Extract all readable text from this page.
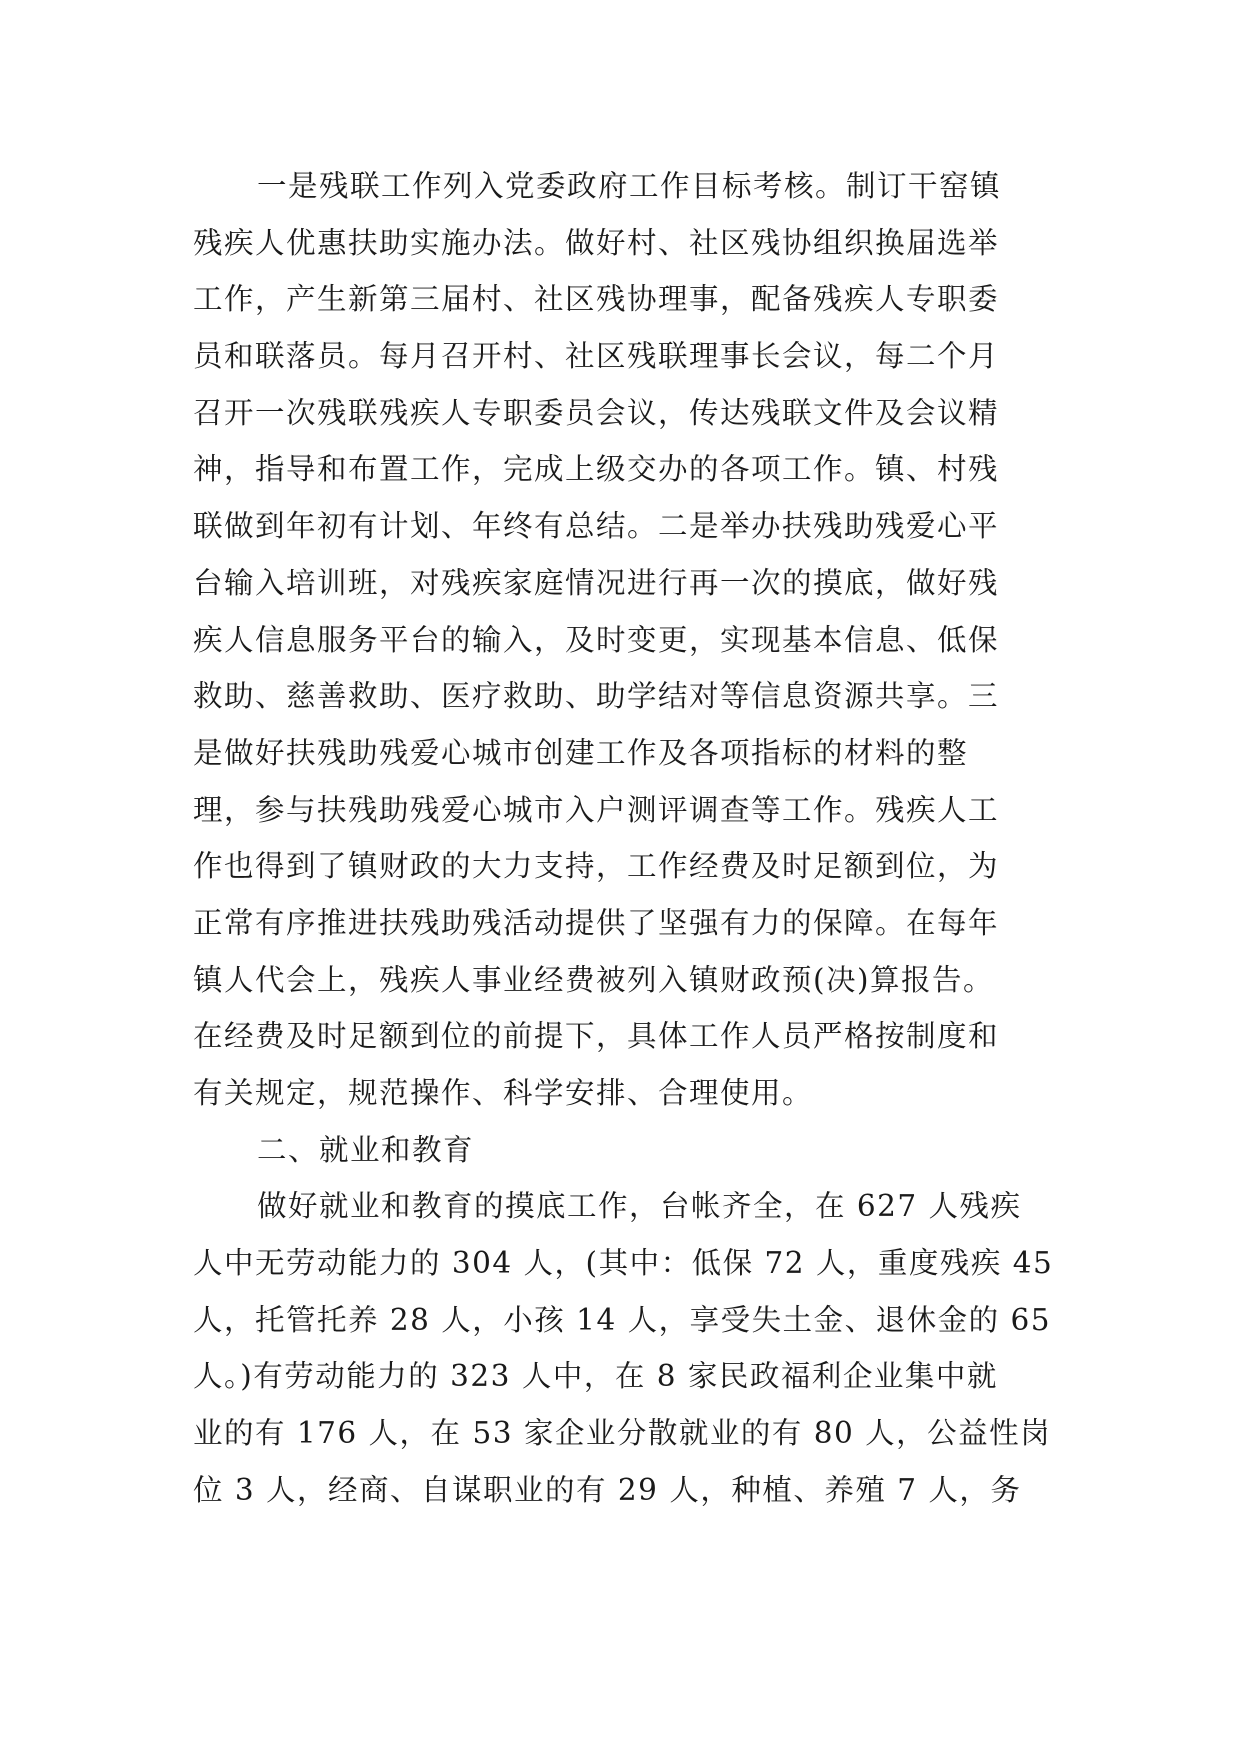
一是残联工作列入党委政府工作目标考核。制订干窑镇
残疾人优惠扶助实施办法。做好村、社区残协组织换届选举
工作，产生新第三届村、社区残协理事，配备残疾人专职委
员和联落员。每月召开村、社区残联理事长会议，每二个月
召开一次残联残疾人专职委员会议，传达残联文件及会议精
神，指导和布置工作，完成上级交办的各项工作。镇、村残
联做到年初有计划、年终有总结。二是举办扶残助残爱心平
台输入培训班，对残疾家庭情况进行再一次的摸底，做好残
疾人信息服务平台的输入，及时变更，实现基本信息、低保
救助、慈善救助、医疗救助、助学结对等信息资源共享。三
是做好扶残助残爱心城市创建工作及各项指标的材料的整
理，参与扶残助残爱心城市入户测评调查等工作。残疾人工
作也得到了镇财政的大力支持，工作经费及时足额到位，为
正常有序推进扶残助残活动提供了坚强有力的保障。在每年
镇人代会上，残疾人事业经费被列入镇财政预(决)算报告。
在经费及时足额到位的前提下，具体工作人员严格按制度和
有关规定，规范操作、科学安排、合理使用。
二、就业和教育
做好就业和教育的摸底工作，台帐齐全，在 627 人残疾
人中无劳动能力的 304 人，(其中：低保 72 人，重度残疾 45
人，托管托养 28 人，小孩 14 人，享受失土金、退休金的 65
人。)有劳动能力的 323 人中，在 8 家民政福利企业集中就
业的有 176 人，在 53 家企业分散就业的有 80 人，公益性岗
位 3 人，经商、自谋职业的有 29 人，种植、养殖 7 人，务
